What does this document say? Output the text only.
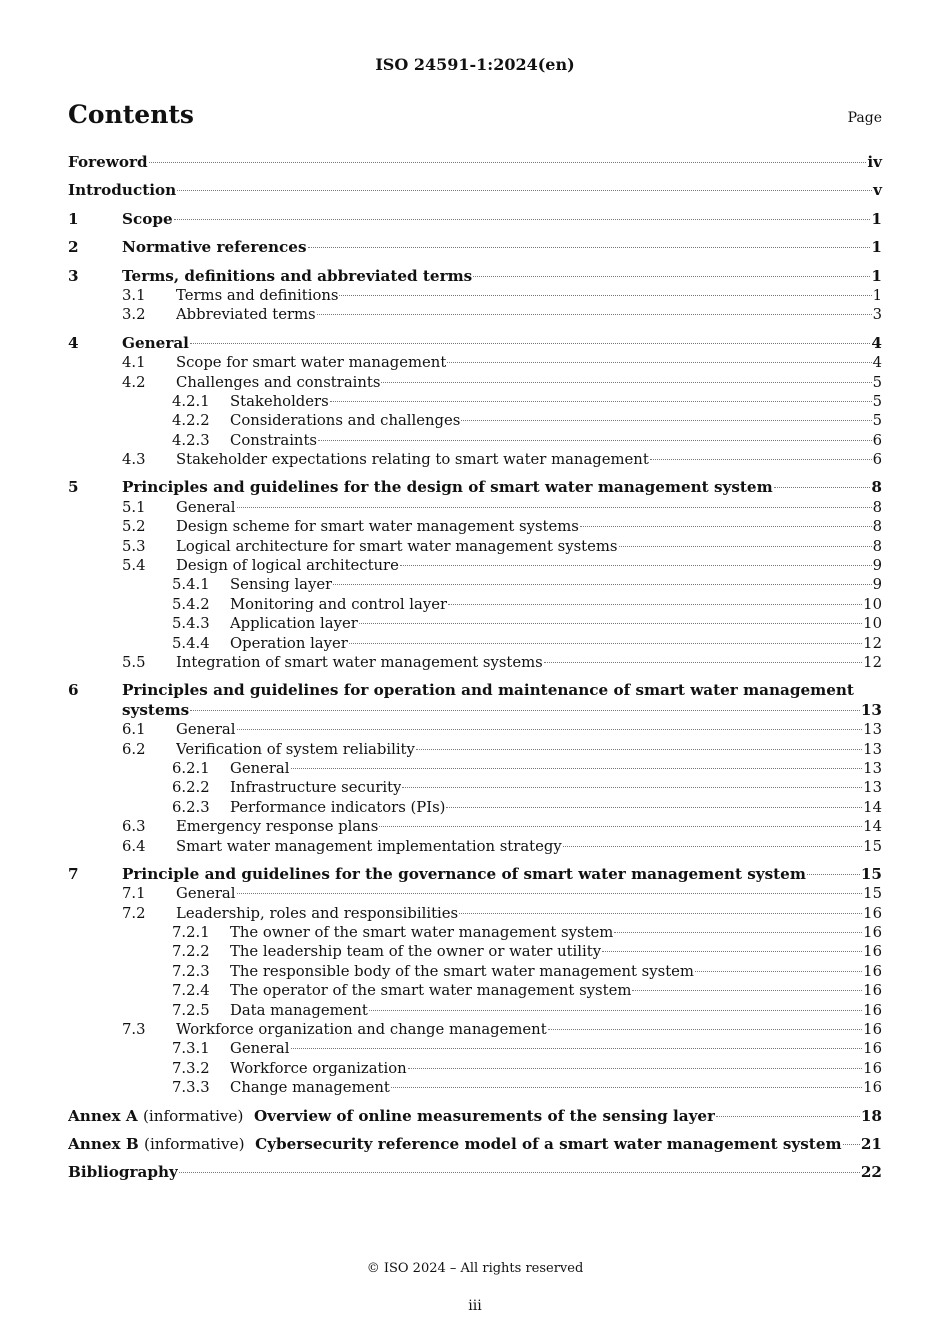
ISO 24591-1:2024(en)
Contents	Page
Foreword	iv
Introduction	v
1	Scope	1
2	Normative references	1
3	Terms, definitions and abbreviated terms	1
3.1	Terms and definitions	1
3.2	Abbreviated terms	3
4	General	4
4.1	Scope for smart water management	4
4.2	Challenges and constraints	5
4.2.1	Stakeholders	5
4.2.2	Considerations and challenges	5
4.2.3	Constraints	6
4.3	Stakeholder expectations relating to smart water management	6
5	Principles and guidelines for the design of smart water management system	8
5.1	General	8
5.2	Design scheme for smart water management systems	8
5.3	Logical architecture for smart water management systems	8
5.4	Design of logical architecture	9
5.4.1	Sensing layer	9
5.4.2	Monitoring and control layer	10
5.4.3	Application layer	10
5.4.4	Operation layer	12
5.5	Integration of smart water management systems	12
6	Principles and guidelines for operation and maintenance of smart water management
systems	13
6.1	General	13
6.2	Verification of system reliability	13
6.2.1	General	13
6.2.2	Infrastructure security	13
6.2.3	Performance indicators (PIs)	14
6.3	Emergency response plans	14
6.4	Smart water management implementation strategy	15
7	Principle and guidelines for the governance of smart water management system	15
7.1	General	15
7.2	Leadership, roles and responsibilities	16
7.2.1	The owner of the smart water management system	16
7.2.2	The leadership team of the owner or water utility	16
7.2.3	The responsible body of the smart water management system	16
7.2.4	The operator of the smart water management system	16
7.2.5	Data management	16
7.3	Workforce organization and change management	16
7.3.1	General	16
7.3.2	Workforce organization	16
7.3.3	Change management	16
Annex A (informative) Overview of online measurements of the sensing layer	18
Annex B (informative) Cybersecurity reference model of a smart water management system 21
Bibliography	22
© ISO 2024 – All rights reserved
iii
